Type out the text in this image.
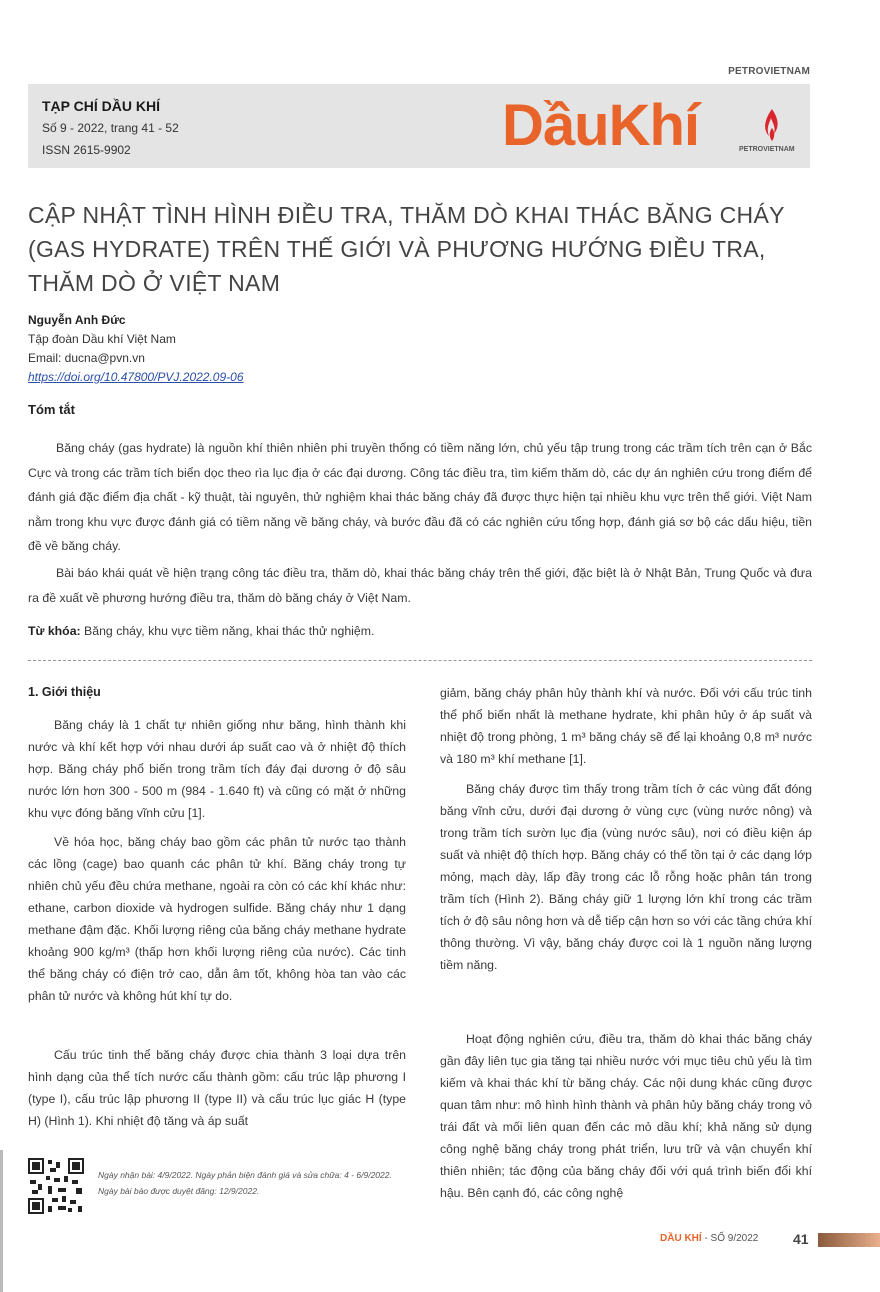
PETROVIETNAM
TẠP CHÍ DẦU KHÍ
Số 9 - 2022, trang 41 - 52
ISSN 2615-9902	DầuKhí	PETROVIETNAM
CẬP NHẬT TÌNH HÌNH ĐIỀU TRA, THĂM DÒ KHAI THÁC BĂNG CHÁY
(GAS HYDRATE) TRÊN THẾ GIỚI VÀ PHƯƠNG HƯỚNG ĐIỀU TRA,
THĂM DÒ Ở VIỆT NAM
Nguyễn Anh Đức
Tập đoàn Dầu khí Việt Nam
Email: ducna@pvn.vn
https://doi.org/10.47800/PVJ.2022.09-06
Tóm tắt

Băng cháy (gas hydrate) là nguồn khí thiên nhiên phi truyền thống có tiềm năng lớn, chủ yếu tập trung trong các trầm tích trên cạn ở Bắc Cực và trong các trầm tích biển dọc theo rìa lục địa ở các đại dương. Công tác điều tra, tìm kiếm thăm dò, các dự án nghiên cứu trong điểm để đánh giá đặc điểm địa chất - kỹ thuật, tài nguyên, thử nghiệm khai thác băng cháy đã được thực hiện tại nhiều khu vực trên thế giới. Việt Nam nằm trong khu vực được đánh giá có tiềm năng về băng cháy, và bước đầu đã có các nghiên cứu tổng hợp, đánh giá sơ bộ các dấu hiệu, tiền đề về băng cháy.

Bài báo khái quát về hiện trạng công tác điều tra, thăm dò, khai thác băng cháy trên thế giới, đặc biệt là ở Nhật Bản, Trung Quốc và đưa ra đề xuất về phương hướng điều tra, thăm dò băng cháy ở Việt Nam.

Từ khóa: Băng cháy, khu vực tiềm năng, khai thác thử nghiệm.
1. Giới thiệu

Băng cháy là 1 chất tự nhiên giống như băng, hình thành khi nước và khí kết hợp với nhau dưới áp suất cao và ở nhiệt độ thích hợp. Băng cháy phổ biến trong trầm tích đáy đại dương ở độ sâu nước lớn hơn 300 - 500 m (984 - 1.640 ft) và cũng có mặt ở những khu vực đóng băng vĩnh cửu [1].

Về hóa học, băng cháy bao gồm các phân tử nước tạo thành các lồng (cage) bao quanh các phân tử khí. Băng cháy trong tự nhiên chủ yếu đều chứa methane, ngoài ra còn có các khí khác như: ethane, carbon dioxide và hydrogen sulfide. Băng cháy như 1 dạng methane đậm đặc. Khối lượng riêng của băng cháy methane hydrate khoảng 900 kg/m³ (thấp hơn khối lượng riêng của nước). Các tinh thể băng cháy có điện trở cao, dẫn âm tốt, không hòa tan vào các phân tử nước và không hút khí tự do.

Cấu trúc tinh thể băng cháy được chia thành 3 loại dựa trên hình dạng của thể tích nước cấu thành gồm: cấu trúc lập phương I (type I), cấu trúc lập phương II (type II) và cấu trúc lục giác H (type H) (Hình 1). Khi nhiệt độ tăng và áp suất

giảm, băng cháy phân hủy thành khí và nước. Đối với cấu trúc tinh thể phổ biến nhất là methane hydrate, khi phân hủy ở áp suất và nhiệt độ trong phòng, 1 m³ băng cháy sẽ để lại khoảng 0,8 m³ nước và 180 m³ khí methane [1].

Băng cháy được tìm thấy trong trầm tích ở các vùng đất đóng băng vĩnh cửu, dưới đại dương ở vùng cực (vùng nước nông) và trong trầm tích sườn lục địa (vùng nước sâu), nơi có điều kiện áp suất và nhiệt độ thích hợp. Băng cháy có thể tồn tại ở các dạng lớp mỏng, mạch dày, lấp đầy trong các lỗ rỗng hoặc phân tán trong trầm tích (Hình 2). Băng cháy giữ 1 lượng lớn khí trong các trầm tích ở độ sâu nông hơn và dễ tiếp cận hơn so với các tầng chứa khí thông thường. Vì vậy, băng cháy được coi là 1 nguồn năng lượng tiềm năng.

Hoạt động nghiên cứu, điều tra, thăm dò khai thác băng cháy gần đây liên tục gia tăng tại nhiều nước với mục tiêu chủ yếu là tìm kiếm và khai thác khí từ băng cháy. Các nội dung khác cũng được quan tâm như: mô hình hình thành và phân hủy băng cháy trong vỏ trái đất và mối liên quan đến các mỏ dầu khí; khả năng sử dụng công nghệ băng cháy trong phát triển, lưu trữ và vận chuyển khí thiên nhiên; tác động của băng cháy đối với quá trình biến đổi khí hậu. Bên cạnh đó, các công nghệ

Ngày nhận bài: 4/9/2022. Ngày phản biện đánh giá và sửa chữa: 4 - 6/9/2022.
Ngày bài báo được duyệt đăng: 12/9/2022.
DẦU KHÍ - SỐ 9/2022 41
